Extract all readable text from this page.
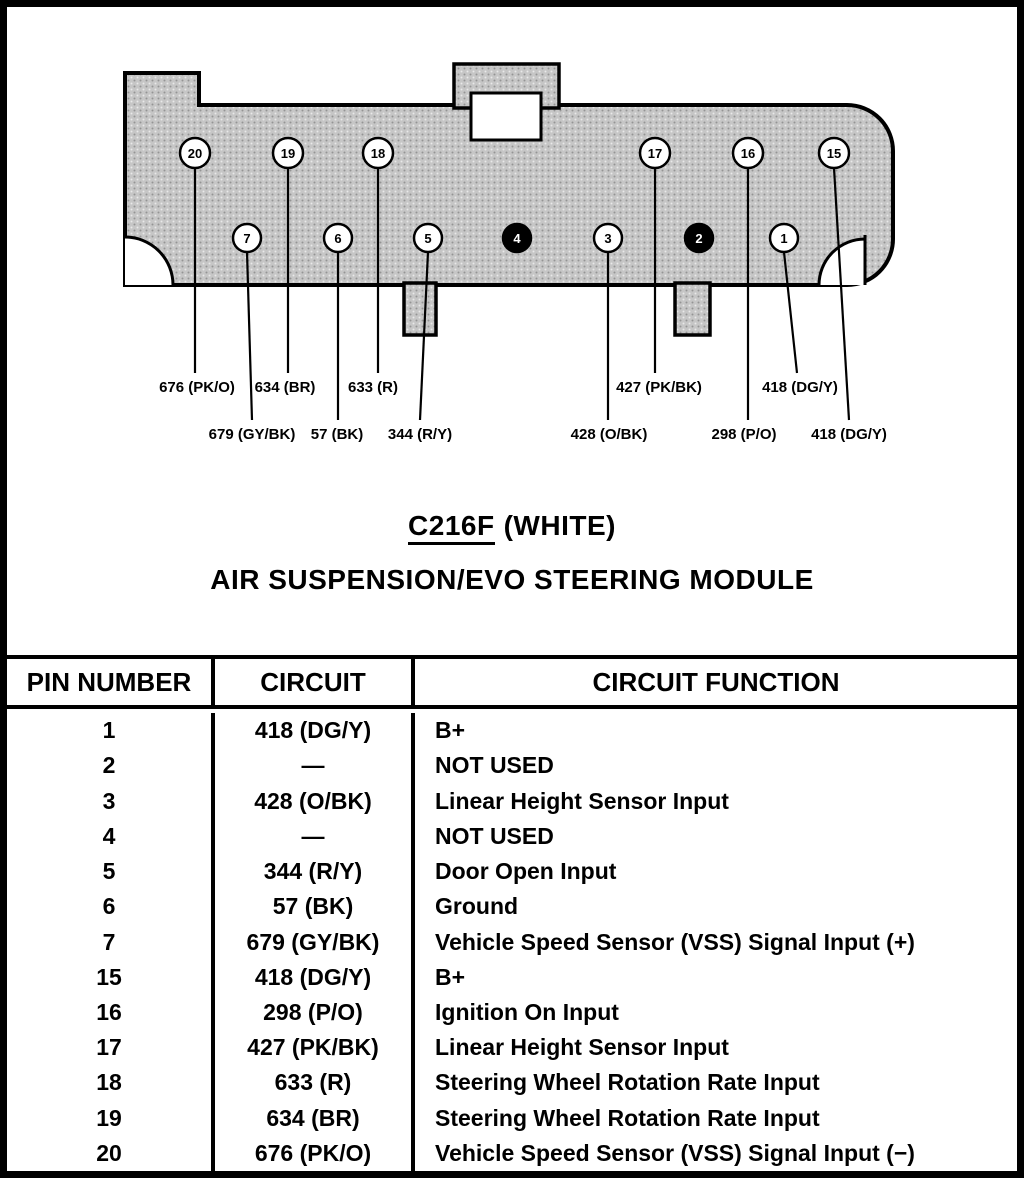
20	19	18	17	16	15
7	6	5	4	3	2	1
676 (PK/O) 634 (BR) 633 (R)	427 (PK/BK)	418 (DG/Y)
679 (GY/BK) 57 (BK) 344 (R/Y)	428 (O/BK)	298 (P/O) 418 (DG/Y)
C216F (WHITE)
AIR SUSPENSION/EVO STEERING MODULE
PIN NUMBER	CIRCUIT	CIRCUIT FUNCTION
1	418 (DG/Y)	B+
2	—	NOT USED
3	428 (O/BK)	Linear Height Sensor Input
4	—	NOT USED
5	344 (R/Y)	Door Open Input
6	57 (BK)	Ground
7	679 (GY/BK)	Vehicle Speed Sensor (VSS) Signal Input (+)
15	418 (DG/Y)	B+
16	298 (P/O)	Ignition On Input
17	427 (PK/BK)	Linear Height Sensor Input
18	633 (R)	Steering Wheel Rotation Rate Input
19	634 (BR)	Steering Wheel Rotation Rate Input
20	676 (PK/O)	Vehicle Speed Sensor (VSS) Signal Input (−)
